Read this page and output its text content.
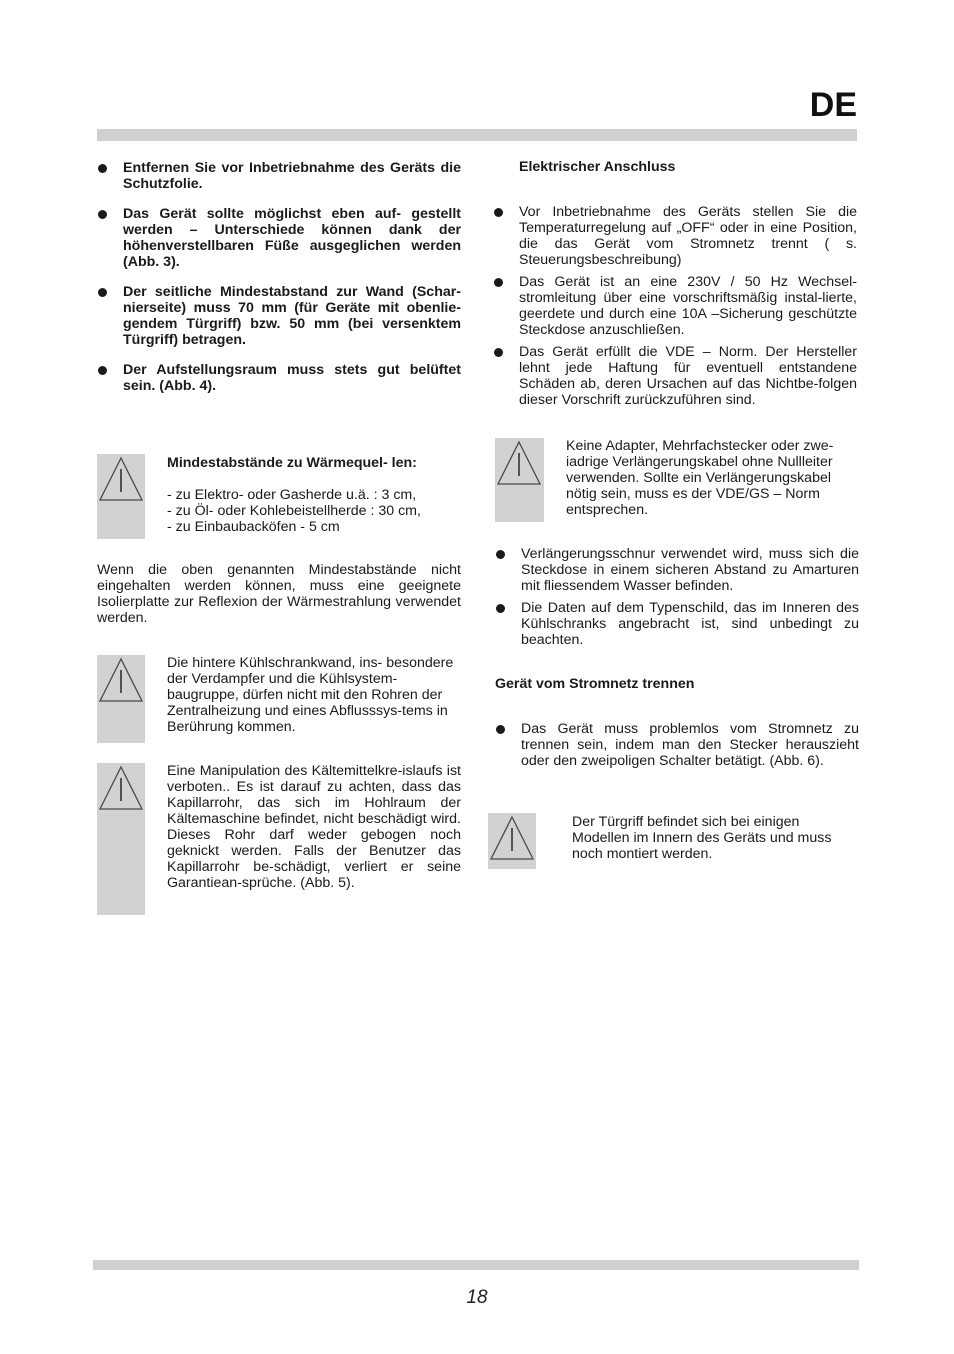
DE
Entfernen Sie vor Inbetriebnahme des Geräts die Schutzfolie.
Das Gerät sollte möglichst eben auf- gestellt werden – Unterschiede können dank der höhenverstellbaren Füße ausgeglichen werden (Abb. 3).
Der seitliche Mindestabstand zur Wand (Schar-nierseite) muss 70 mm (für Geräte mit obenlie-gendem Türgriff) bzw. 50 mm (bei versenktem Türgriff) betragen.
Der Aufstellungsraum muss stets gut belüftet sein. (Abb. 4).
Mindestabstände zu Wärmequel- len:
- zu Elektro- oder Gasherde u.ä. : 3 cm,
- zu Öl- oder Kohlebeistellherde : 30 cm,
- zu Einbaubacköfen - 5 cm

Wenn die oben genannten Mindestabstände nicht eingehalten werden können, muss eine geeignete Isolierplatte zur Reflexion der Wärmestrahlung verwendet werden.

Die hintere Kühlschrankwand, ins- besondere der Verdampfer und die Kühlsystem-baugruppe, dürfen nicht mit den Rohren der Zentralheizung und eines Abflusssys-tems in Berührung kommen.

Eine Manipulation des Kältemittelkre-islaufs ist verboten.. Es ist darauf zu achten, dass das Kapillarrohr, das sich im Hohlraum der Kältemaschine befindet, nicht beschädigt wird. Dieses Rohr darf weder gebogen noch geknickt werden. Falls der Benutzer das Kapillarrohr be-schädigt, verliert er seine Garantiean-sprüche. (Abb. 5).

Elektrischer Anschluss
Vor Inbetriebnahme des Geräts stellen Sie die Temperaturregelung auf „OFF“ oder in eine Position, die das Gerät vom Stromnetz trennt ( s. Steuerungsbeschreibung)
Das Gerät ist an eine 230V / 50 Hz Wechsel-stromleitung über eine vorschriftsmäßig instal-lierte, geerdete und durch eine 10A –Sicherung geschützte Steckdose anzuschließen.
Das Gerät erfüllt die VDE – Norm. Der Hersteller lehnt jede Haftung für eventuell entstandene Schäden ab, deren Ursachen auf das Nichtbe-folgen dieser Vorschrift zurückzuführen sind.

Keine Adapter, Mehrfachstecker oder zwe-iadrige Verlängerungskabel ohne Nullleiter verwenden. Sollte ein Verlängerungskabel nötig sein, muss es der VDE/GS – Norm entsprechen.

Verlängerungsschnur verwendet wird, muss sich die Steckdose in einem sicheren Abstand zu Amarturen mit fliessendem Wasser befinden.
Die Daten auf dem Typenschild, das im Inneren des Kühlschranks angebracht ist, sind unbedingt zu beachten.
Gerät vom Stromnetz trennen
Das Gerät muss problemlos vom Stromnetz zu trennen sein, indem man den Stecker herauszieht oder den zweipoligen Schalter betätigt. (Abb. 6).

Der Türgriff befindet sich bei einigen Modellen im Innern des Geräts und muss noch montiert werden.

18
